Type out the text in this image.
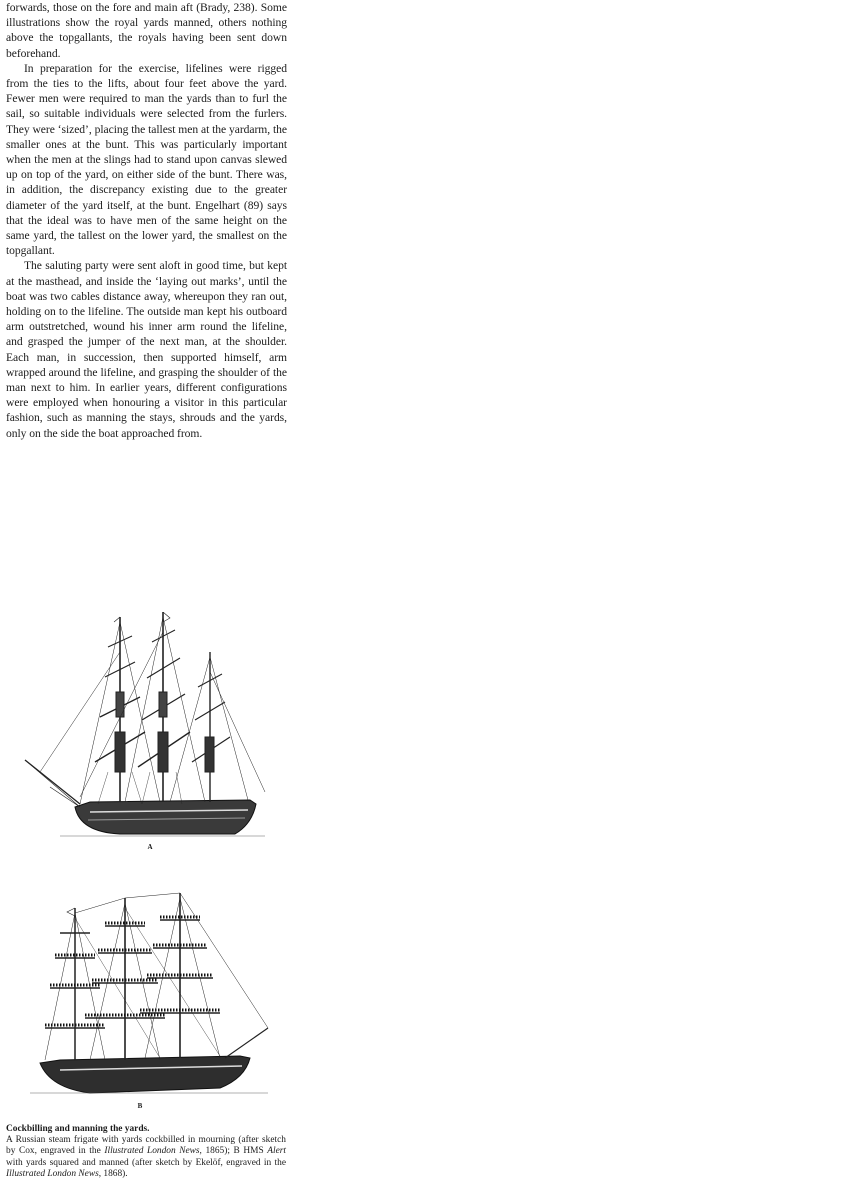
forwards, those on the fore and main aft (Brady, 238). Some illustrations show the royal yards manned, others nothing above the topgallants, the royals having been sent down beforehand.

In preparation for the exercise, lifelines were rigged from the ties to the lifts, about four feet above the yard. Fewer men were required to man the yards than to furl the sail, so suitable individuals were selected from the furlers. They were ‘sized’, placing the tallest men at the yardarm, the smaller ones at the bunt. This was particularly important when the men at the slings had to stand upon canvas slewed up on top of the yard, on either side of the bunt. There was, in addition, the discrepancy existing due to the greater diameter of the yard itself, at the bunt. Engelhart (89) says that the ideal was to have men of the same height on the same yard, the tallest on the lower yard, the smallest on the topgallant.

The saluting party were sent aloft in good time, but kept at the masthead, and inside the ‘laying out marks’, until the boat was two cables distance away, whereupon they ran out, holding on to the lifeline. The outside man kept his outboard arm outstretched, wound his inner arm round the lifeline, and grasped the jumper of the next man, at the shoulder. Each man, in succession, then supported himself, arm wrapped around the lifeline, and grasping the shoulder of the man next to him. In earlier years, different configurations were employed when honouring a visitor in this particular fashion, such as manning the stays, shrouds and the yards, only on the side the boat approached from.

A
B
Cockbilling and manning the yards.
A Russian steam frigate with yards cockbilled in mourning (after sketch by Cox, engraved in the Illustrated London News, 1865); B HMS Alert with yards squared and manned (after sketch by Ekelöf, engraved in the Illustrated London News, 1868).
